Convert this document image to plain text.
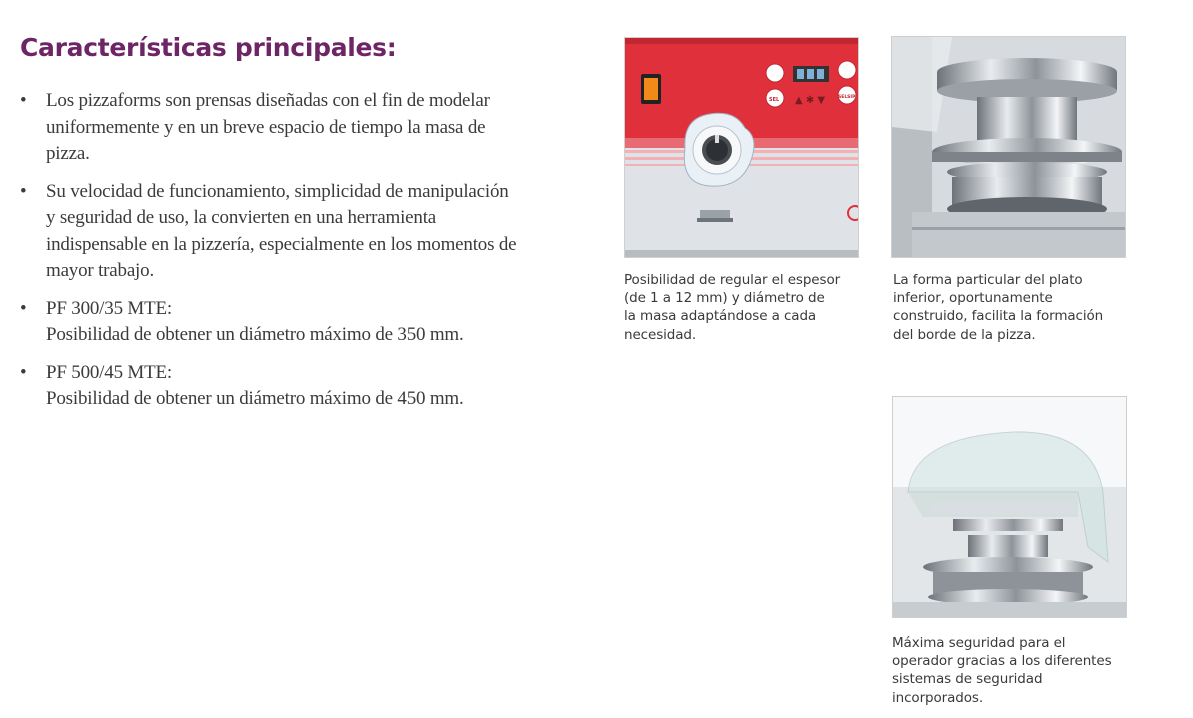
Características principales:
• Los pizzaforms son prensas diseñadas con el fin de modelar
uniformemente y en un breve espacio de tiempo la masa de
pizza.
• Su velocidad de funcionamiento, simplicidad de manipulación
y seguridad de uso, la convierten en una herramienta
indispensable en la pizzería, especialmente en los momentos de
mayor trabajo.
• PF 300/35 MTE:
Posibilidad de obtener un diámetro máximo de 350 mm.
• PF 500/45 MTE:
Posibilidad de obtener un diámetro máximo de 450 mm.
SEL	SELSIP
▲ ✱ ▼

Posibilidad de regular el espesor
(de 1 a 12 mm) y diámetro de
la masa adaptándose a cada
necesidad.

La forma particular del plato
inferior, oportunamente
construido, facilita la formación
del borde de la pizza.

Máxima seguridad para el
operador gracias a los diferentes
sistemas de seguridad
incorporados.
